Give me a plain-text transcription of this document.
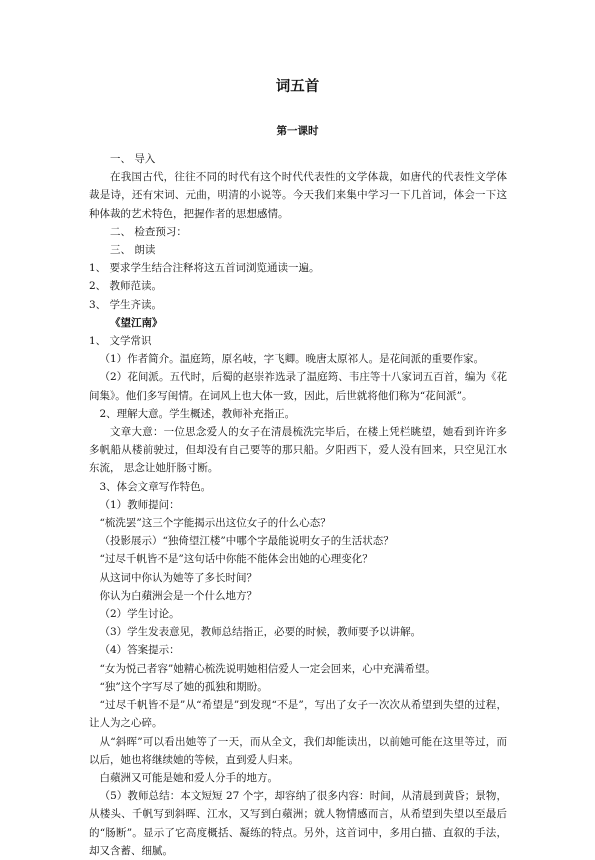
词五首
第一课时

一、 导入

在我国古代，往往不同的时代有这个时代代表性的文学体裁，如唐代的代表性文学体裁是诗，还有宋词、元曲，明清的小说等。今天我们来集中学习一下几首词，体会一下这种体裁的艺术特色，把握作者的思想感情。

二、 检查预习：

三、 朗读

1、 要求学生结合注释将这五首词浏览通读一遍。

2、 教师范读。

3、 学生齐读。

《望江南》

1、 文学常识

（1）作者简介。温庭筠，原名岐，字飞卿。晚唐太原祁人。是花间派的重要作家。

（2）花间派。五代时，后蜀的赵崇祚选录了温庭筠、韦庄等十八家词五百首，编为《花间集》。他们多写闺情。在词风上也大体一致，因此，后世就将他们称为“花间派”。

2、理解大意。学生概述，教师补充指正。

文章大意：一位思念爱人的女子在清晨梳洗完毕后，在楼上凭栏眺望，她看到许许多多帆船从楼前驶过，但却没有自己要等的那只船。夕阳西下，爱人没有回来，只空见江水东流， 思念让她肝肠寸断。

3、体会文章写作特色。

（1）教师提问：

“梳洗罢”这三个字能揭示出这位女子的什么心态？

（投影展示）“独倚望江楼”中哪个字最能说明女子的生活状态？

“过尽千帆皆不是”这句话中你能不能体会出她的心理变化？

从这词中你认为她等了多长时间？

你认为白蘋洲会是一个什么地方？

（2）学生讨论。

（3）学生发表意见，教师总结指正，必要的时候，教师要予以讲解。

（4）答案提示：

“女为悦己者容”她精心梳洗说明她相信爱人一定会回来，心中充满希望。

“独”这个字写尽了她的孤独和期盼。

“过尽千帆皆不是”从“希望是”到发现“不是”，写出了女子一次次从希望到失望的过程，让人为之心碎。

从“斜晖”可以看出她等了一天，而从全文，我们却能读出，以前她可能在这里等过，而以后，她也将继续她的等候，直到爱人归来。

白蘋洲又可能是她和爱人分手的地方。

（5）教师总结：本文短短 27 个字，却容纳了很多内容：时间，从清晨到黄昏；景物，从楼头、千帆写到斜晖、江水，又写到白蘋洲；就人物情感而言，从希望到失望以至最后的“肠断”。显示了它高度概括、凝练的特点。另外，这首词中，多用白描、直叙的手法，却又含蓄、细腻。
